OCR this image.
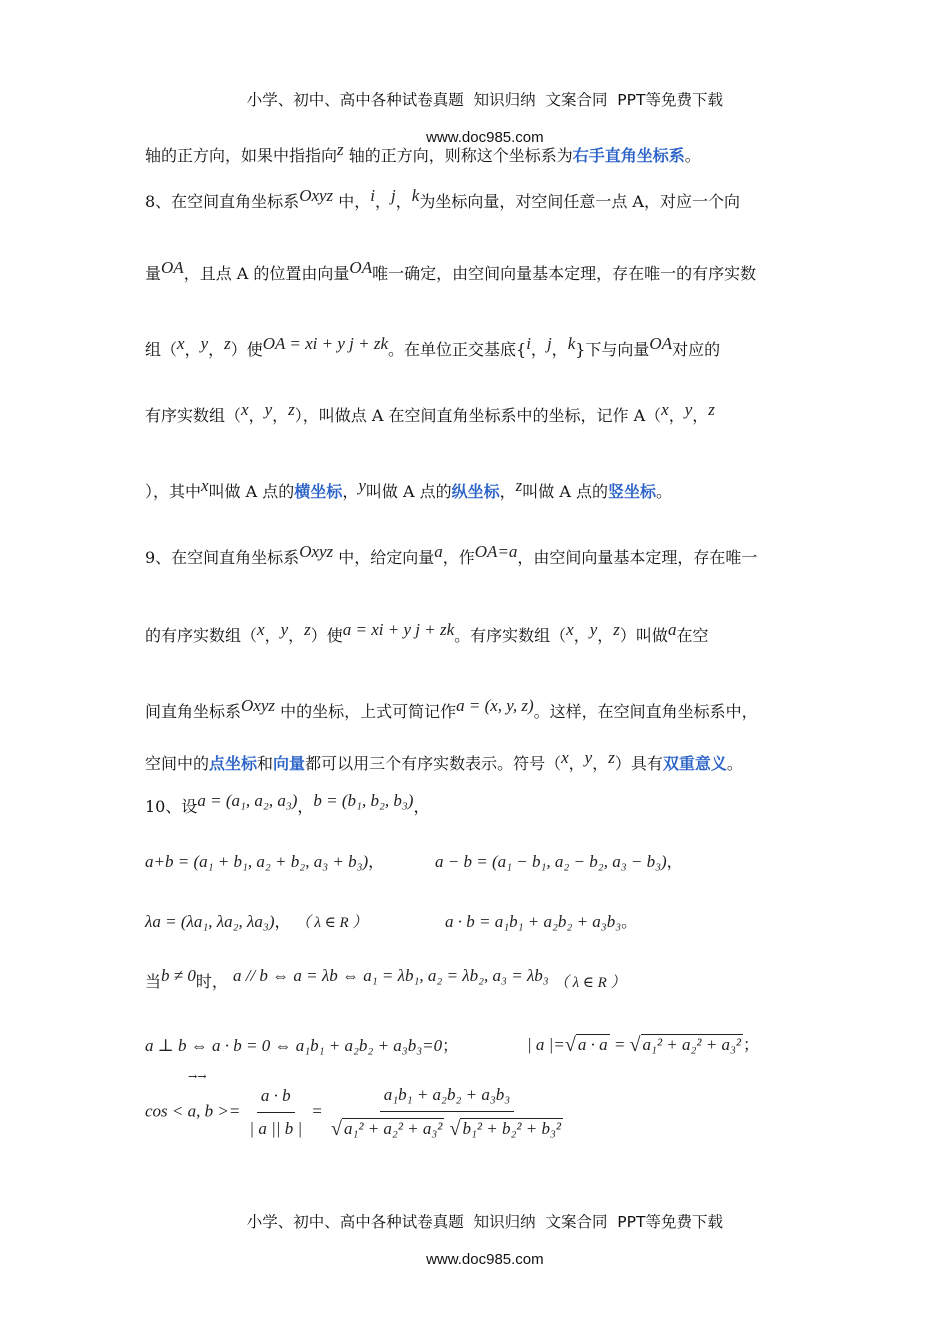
小学、初中、高中各种试卷真题  知识归纳  文案合同  PPT等免费下载

www.doc985.com

轴的正方向，如果中指指向z 轴的正方向，则称这个坐标系为右手直角坐标系。
8、在空间直角坐标系Oxyz 中，i，j，k为坐标向量，对空间任意一点 A，对应一个向
量OA，且点 A 的位置由向量OA唯一确定，由空间向量基本定理，存在唯一的有序实数
组（x，y，z）使OA = xi + y j + zk。在单位正交基底{i，j，k}下与向量OA对应的
有序实数组（x，y，z），叫做点 A 在空间直角坐标系中的坐标，记作 A（x，y，z
），其中x叫做 A 点的横坐标，y叫做 A 点的纵坐标，z叫做 A 点的竖坐标。
9、在空间直角坐标系Oxyz 中，给定向量a，作OA=a，由空间向量基本定理，存在唯一
的有序实数组（x，y，z）使a = xi + y j + zk。有序实数组（x，y，z）叫做a在空
间直角坐标系Oxyz 中的坐标，上式可简记作a = (x, y, z)。这样，在空间直角坐标系中，
空间中的点坐标和向量都可以用三个有序实数表示。符号（x，y，z）具有双重意义。
10、设a = (a₁, a₂, a₃)，b = (b₁, b₂, b₃)，
a+b = (a₁ + b₁, a₂ + b₂, a₃ + b₃)，	a − b = (a₁ − b₁, a₂ − b₂, a₃ − b₃)，
λa = (λa₁, λa₂, λa₃)， （ λ ∈ R ）	a · b = a₁b₁ + a₂b₂ + a₃b₃。
当b ≠ 0时， a // b ⇔ a = λb ⇔ a₁ = λb₁, a₂ = λb₂, a₃ = λb₃ （ λ ∈ R ）
a ⊥ b ⇔ a · b = 0 ⇔ a₁b₁ + a₂b₂ + a₃b₃=0；	| a |=√ a · a = √ a₁² + a₂² + a₃² ；
cos < a, $b >= \frac{a \cdot b}{| a || b |} = \frac{\text{a₁b₁ + a₂b₂ + a₃b₃}}{\text{√ a₁² + a₂² + a₃² √ b₁² + b₂² + b₃²}}$
→→

小学、初中、高中各种试卷真题  知识归纳  文案合同  PPT等免费下载

www.doc985.com
